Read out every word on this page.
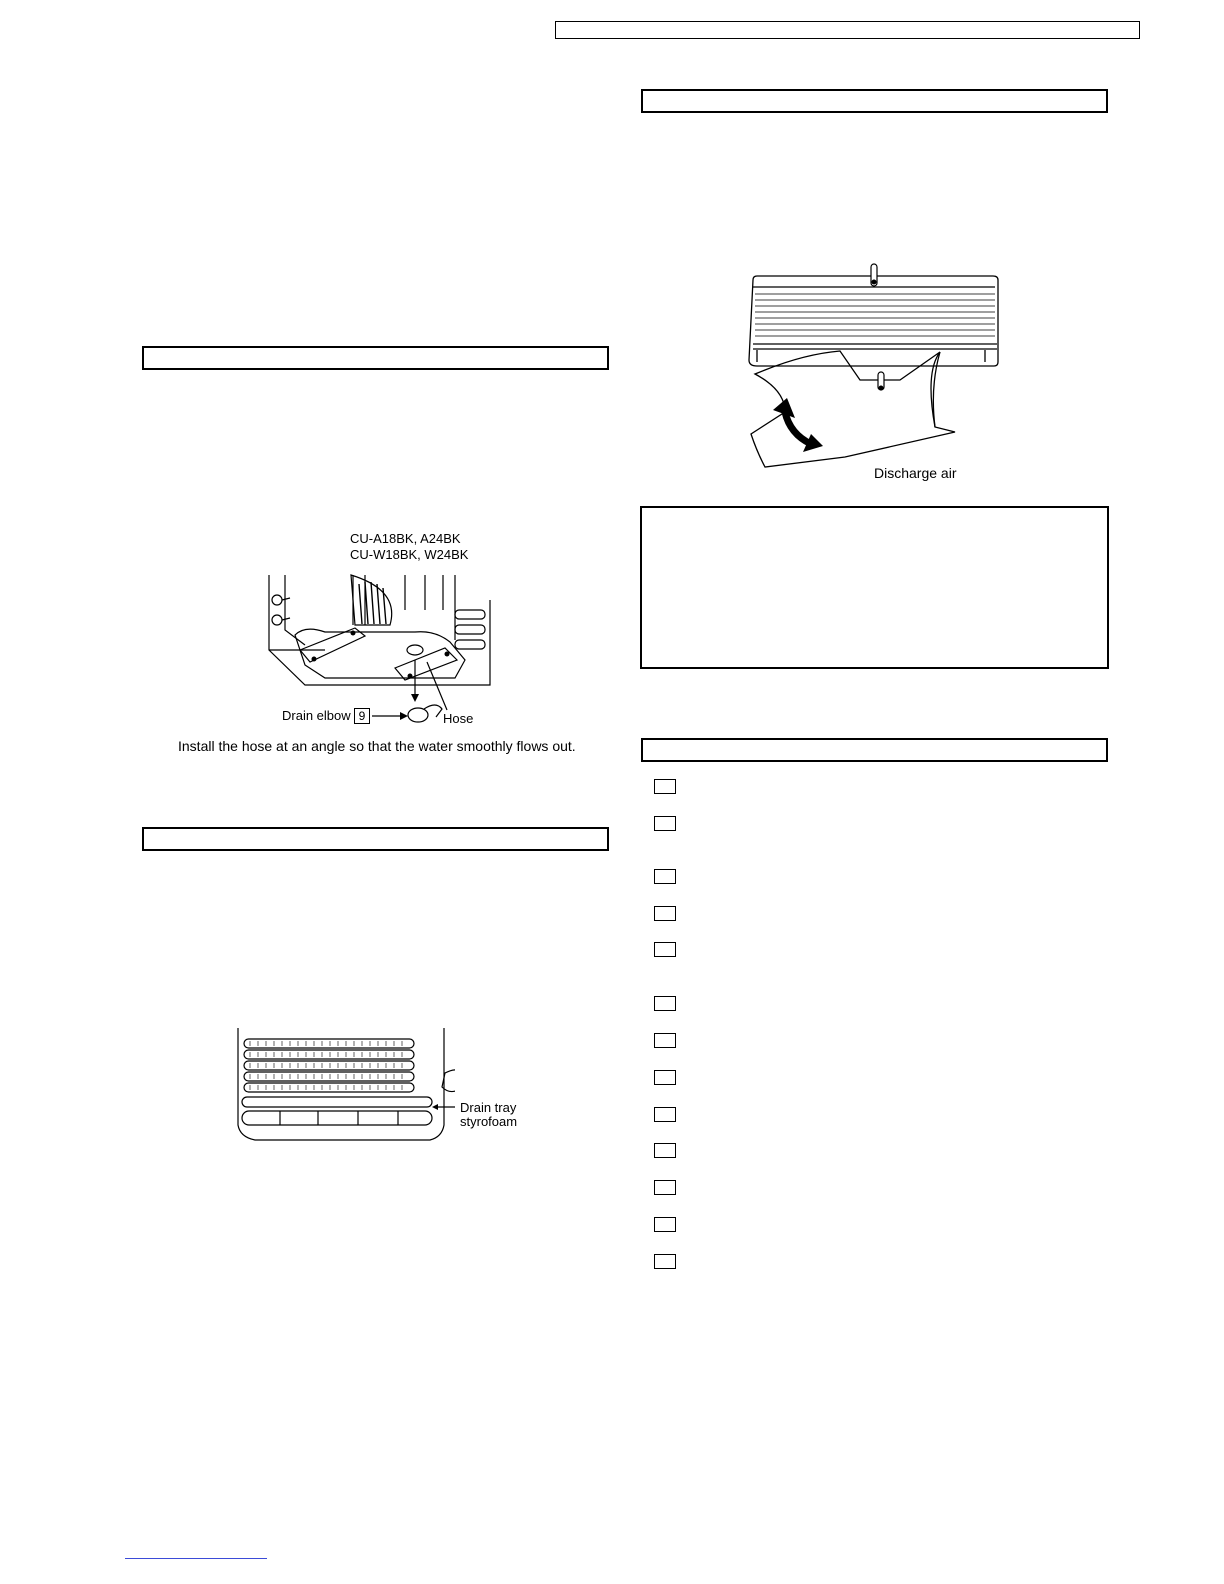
CU-A18BK, A24BK
CU-W18BK, W24BK
Drain elbow 9	Hose
Install the hose at an angle so that the water smoothly flows out.
Drain tray
styrofoam
Discharge air
